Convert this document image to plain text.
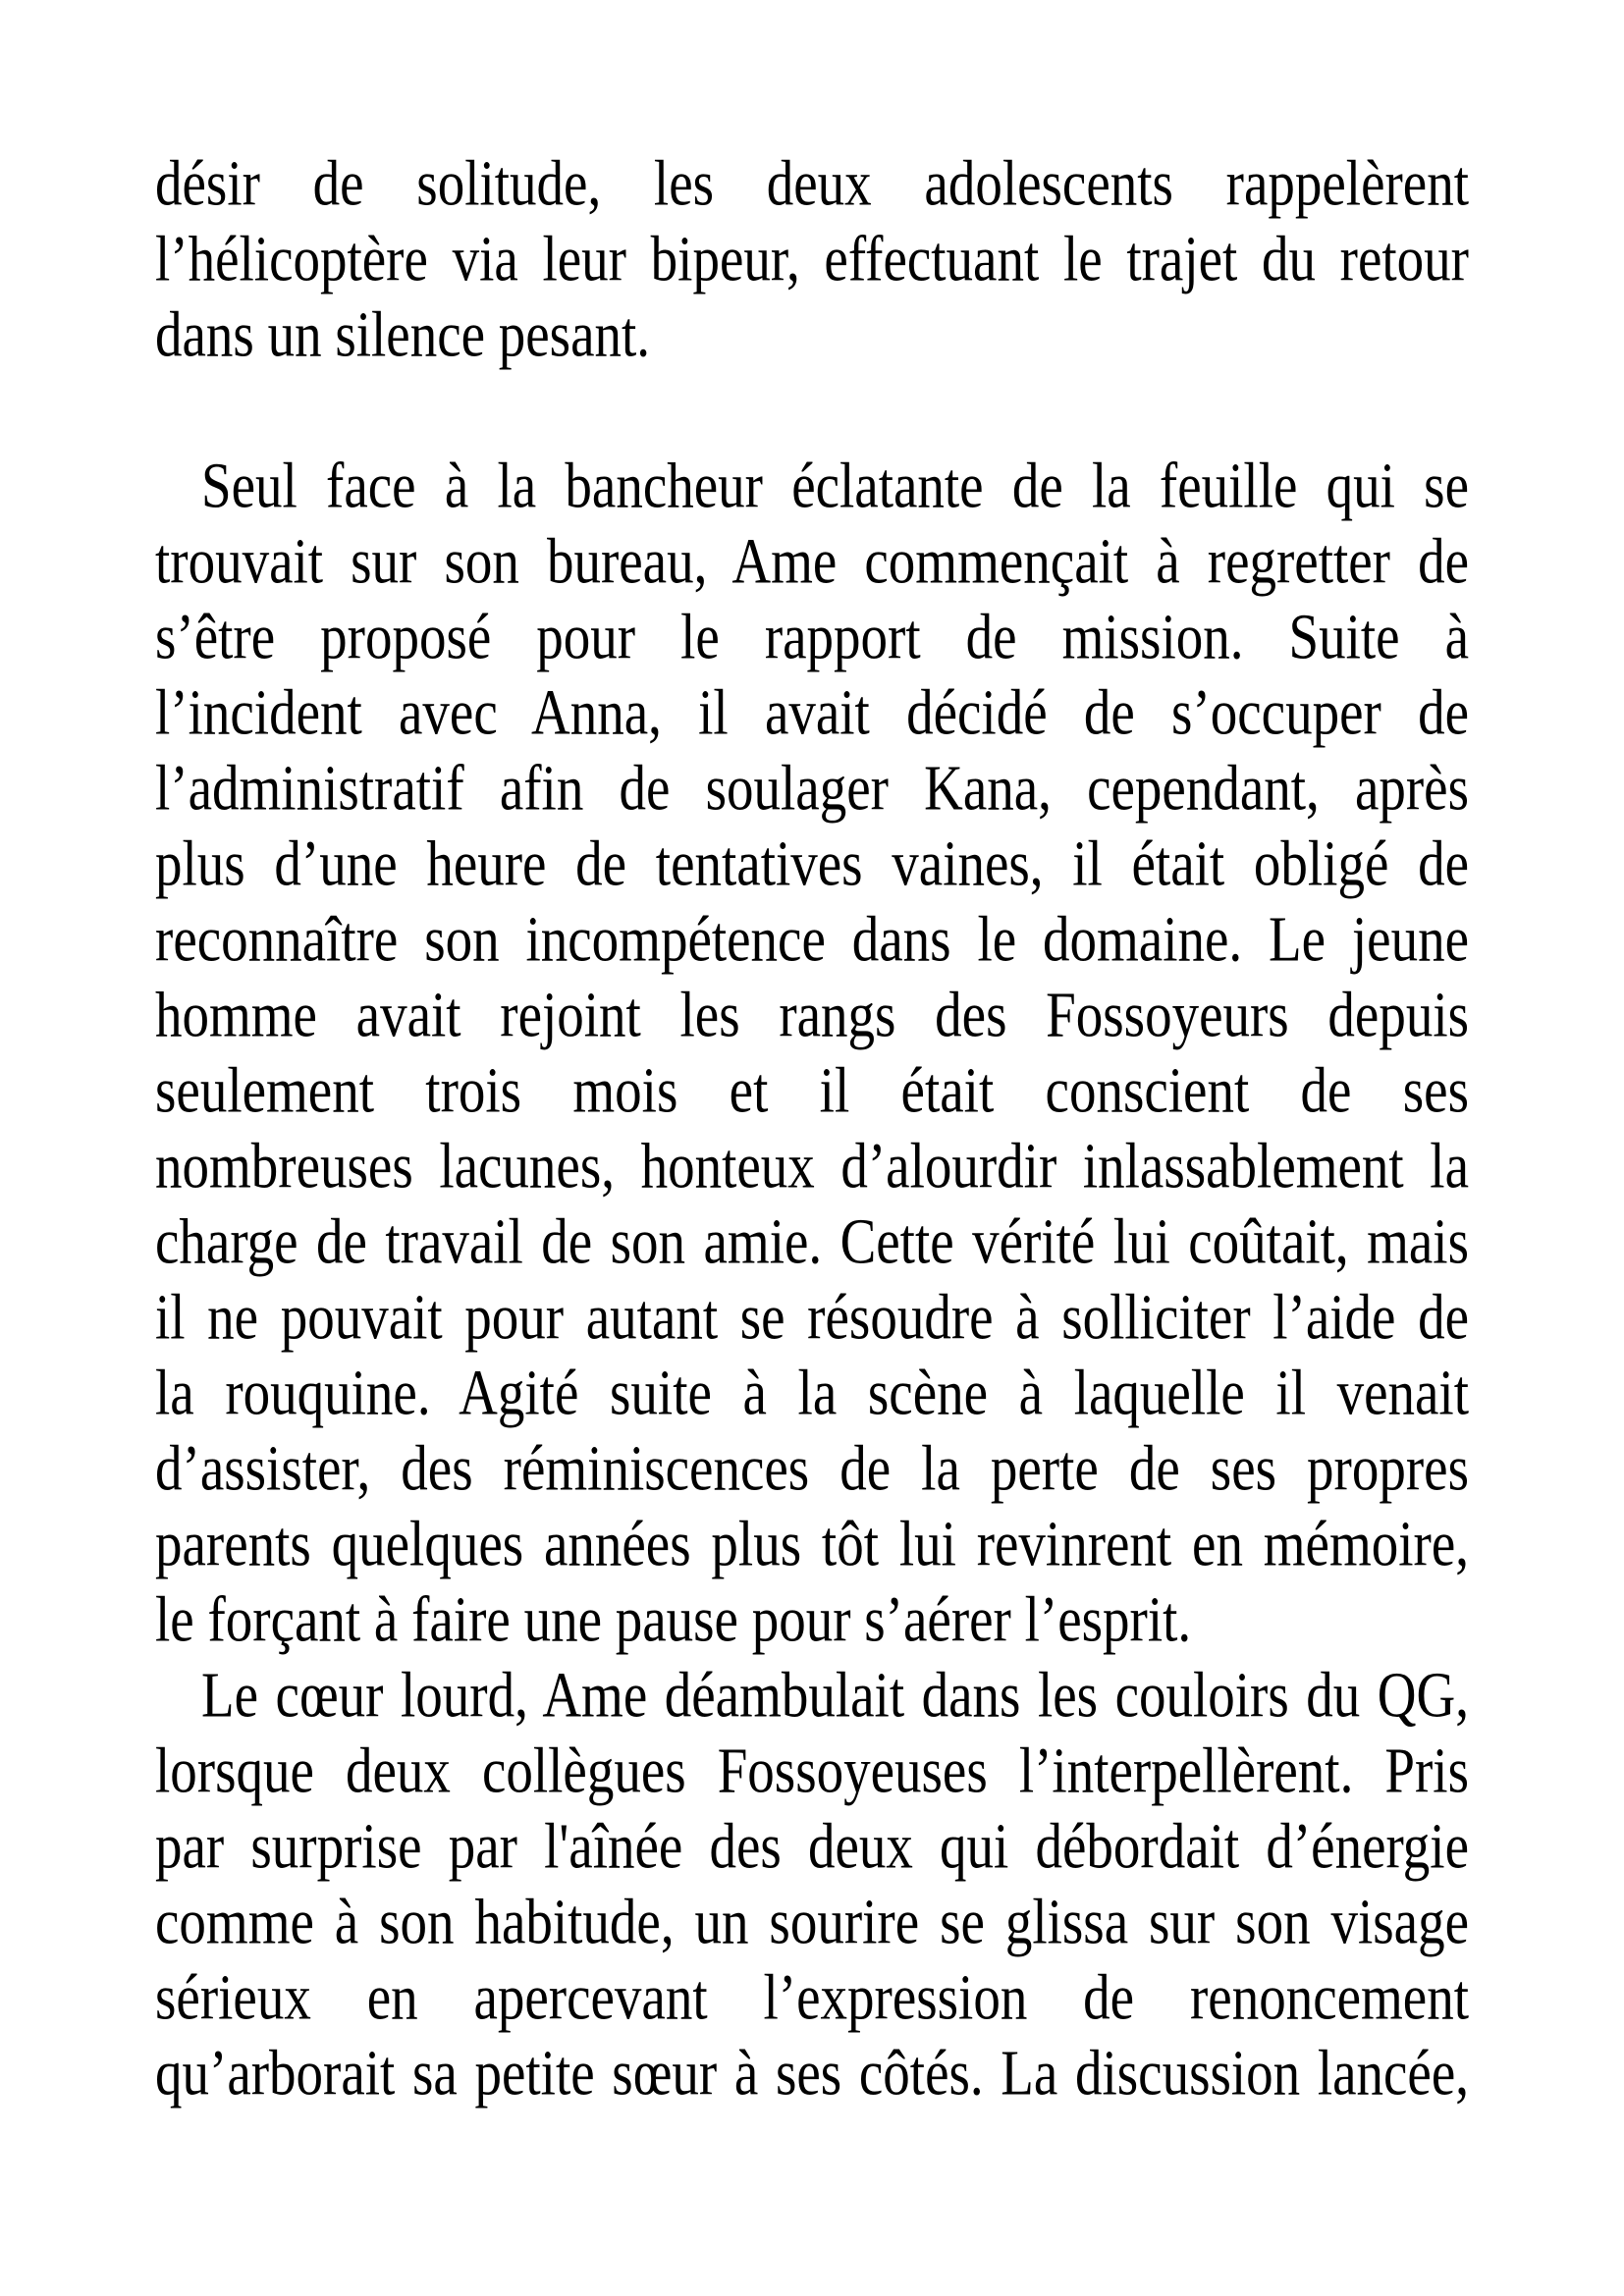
désir de solitude, les deux adolescents rappelèrent
l’hélicoptère via leur bipeur, effectuant le trajet du retour
dans un silence pesant.
Seul face à la bancheur éclatante de la feuille qui se
trouvait sur son bureau, Ame commençait à regretter de
s’être proposé pour le rapport de mission. Suite à
l’incident avec Anna, il avait décidé de s’occuper de
l’administratif afin de soulager Kana, cependant, après
plus d’une heure de tentatives vaines, il était obligé de
reconnaître son incompétence dans le domaine. Le jeune
homme avait rejoint les rangs des Fossoyeurs depuis
seulement trois mois et il était conscient de ses
nombreuses lacunes, honteux d’alourdir inlassablement la
charge de travail de son amie. Cette vérité lui coûtait, mais
il ne pouvait pour autant se résoudre à solliciter l’aide de
la rouquine. Agité suite à la scène à laquelle il venait
d’assister, des réminiscences de la perte de ses propres
parents quelques années plus tôt lui revinrent en mémoire,
le forçant à faire une pause pour s’aérer l’esprit.
Le cœur lourd, Ame déambulait dans les couloirs du QG,
lorsque deux collègues Fossoyeuses l’interpellèrent. Pris
par surprise par l'aînée des deux qui débordait d’énergie
comme à son habitude, un sourire se glissa sur son visage
sérieux en apercevant l’expression de renoncement
qu’arborait sa petite sœur à ses côtés. La discussion lancée,
